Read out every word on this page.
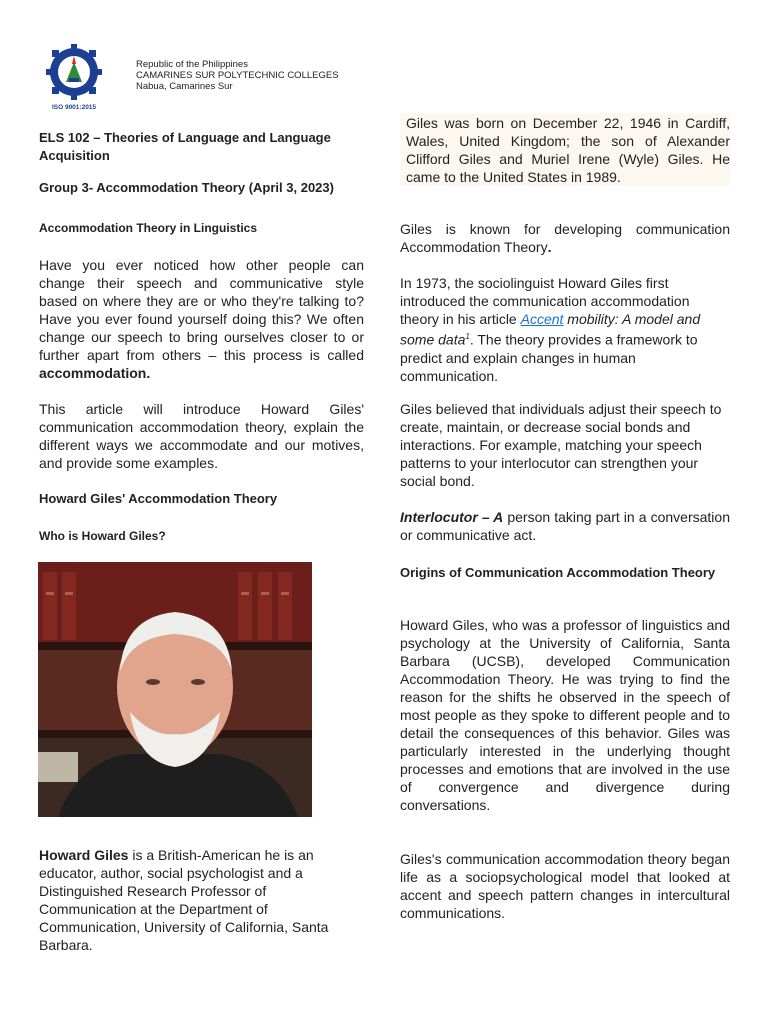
ISO 9001:2015
Republic of the Philippines
CAMARINES SUR POLYTECHNIC COLLEGES
Nabua, Camarines Sur
ELS 102 – Theories of Language and Language Acquisition
Group 3- Accommodation Theory (April 3, 2023)
Accommodation Theory in Linguistics
Have you ever noticed how other people can change their speech and communicative style based on where they are or who they're talking to? Have you ever found yourself doing this? We often change our speech to bring ourselves closer to or further apart from others – this process is called accommodation.
This article will introduce Howard Giles' communication accommodation theory, explain the different ways we accommodate and our motives, and provide some examples.
Howard Giles' Accommodation Theory
Who is Howard Giles?
Howard Giles is a British-American he is an educator, author, social psychologist and a Distinguished Research Professor of Communication at the Department of Communication, University of California, Santa Barbara.
Giles was born on December 22, 1946 in Cardiff, Wales, United Kingdom; the son of Alexander Clifford Giles and Muriel Irene (Wyle) Giles. He came to the United States in 1989.
Giles is known for developing communication Accommodation Theory.
In 1973, the sociolinguist Howard Giles first introduced the communication accommodation theory in his article Accent mobility: A model and some data$^1$. The theory provides a framework to predict and explain changes in human communication.
Giles believed that individuals adjust their speech to create, maintain, or decrease social bonds and interactions. For example, matching your speech patterns to your interlocutor can strengthen your social bond.
Interlocutor – A person taking part in a conversation or communicative act.
Origins of Communication Accommodation Theory
Howard Giles, who was a professor of linguistics and psychology at the University of California, Santa Barbara (UCSB), developed Communication Accommodation Theory. He was trying to find the reason for the shifts he observed in the speech of most people as they spoke to different people and to detail the consequences of this behavior. Giles was particularly interested in the underlying thought processes and emotions that are involved in the use of convergence and divergence during conversations.
Giles's communication accommodation theory began life as a sociopsychological model that looked at accent and speech pattern changes in intercultural communications.
